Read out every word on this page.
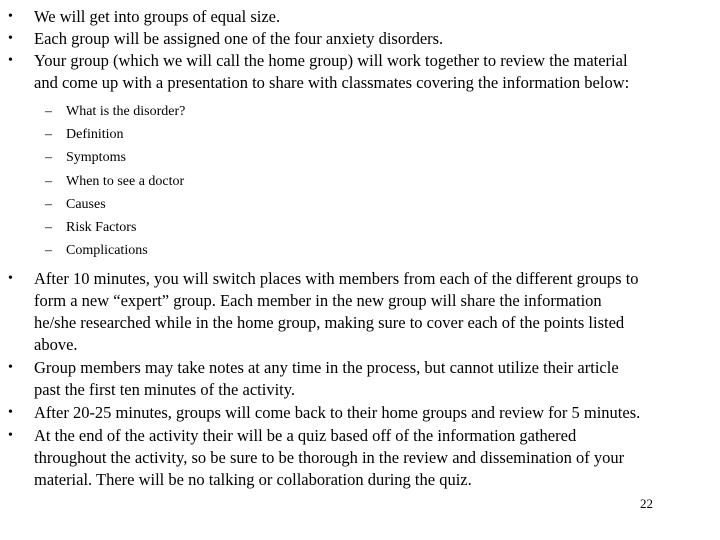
• We will get into groups of equal size.
• Each group will be assigned one of the four anxiety disorders.
• Your group (which we will call the home group) will work together to review the material
and come up with a presentation to share with classmates covering the information below:
– What is the disorder?
– Definition
– Symptoms
– When to see a doctor
– Causes
– Risk Factors
– Complications
• After 10 minutes, you will switch places with members from each of the different groups to
form a new “expert” group. Each member in the new group will share the information
he/she researched while in the home group, making sure to cover each of the points listed
above.
• Group members may take notes at any time in the process, but cannot utilize their article
past the first ten minutes of the activity.
• After 20-25 minutes, groups will come back to their home groups and review for 5 minutes.
• At the end of the activity their will be a quiz based off of the information gathered
throughout the activity, so be sure to be thorough in the review and dissemination of your
material. There will be no talking or collaboration during the quiz.
22
